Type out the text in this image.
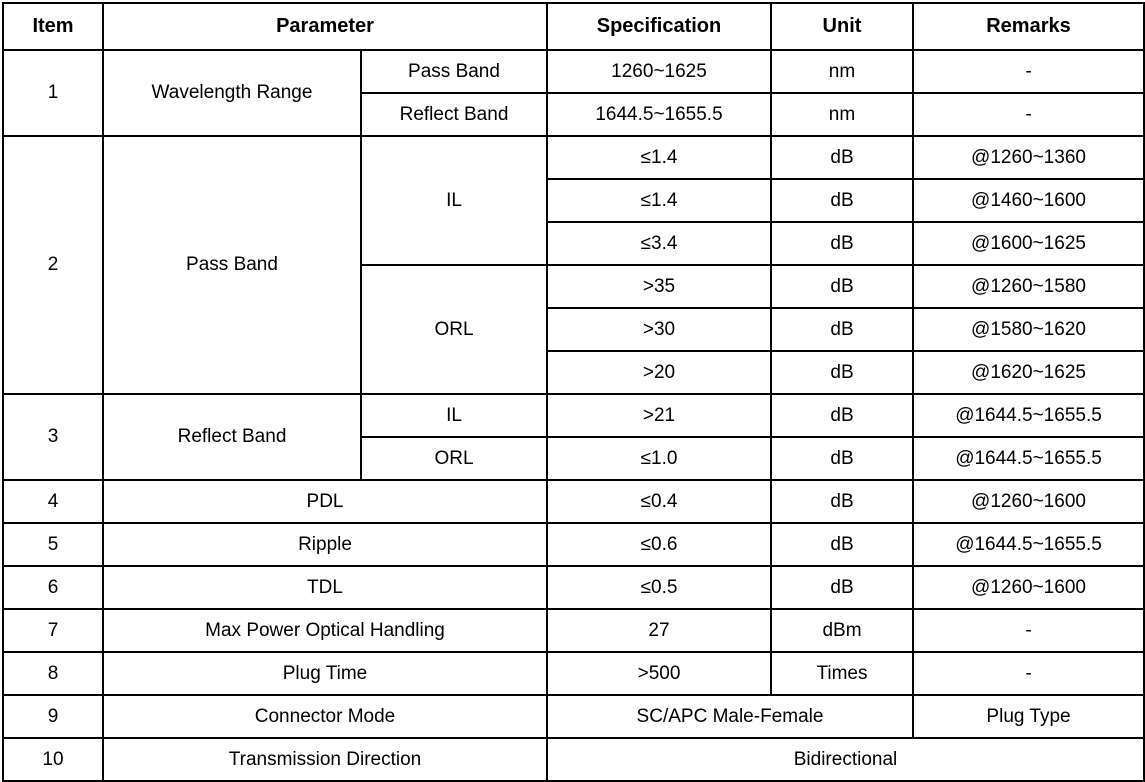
Item	Parameter		Specification	Unit	Remarks
1	Wavelength Range	Pass Band	1260~1625	nm	-
		Reflect Band	1644.5~1655.5	nm	-
2	Pass Band	IL	≤1.4	dB	@1260~1360
			≤1.4	dB	@1460~1600
			≤3.4	dB	@1600~1625
		ORL	>35	dB	@1260~1580
			>30	dB	@1580~1620
			>20	dB	@1620~1625
3	Reflect Band	IL	>21	dB	@1644.5~1655.5
		ORL	≤1.0	dB	@1644.5~1655.5
4	PDL		≤0.4	dB	@1260~1600
5	Ripple		≤0.6	dB	@1644.5~1655.5
6	TDL		≤0.5	dB	@1260~1600
7	Max Power Optical Handling		27	dBm	-
8	Plug Time		>500	Times	-
9	Connector Mode		SC/APC Male-Female		Plug Type
10	Transmission Direction		Bidirectional		
